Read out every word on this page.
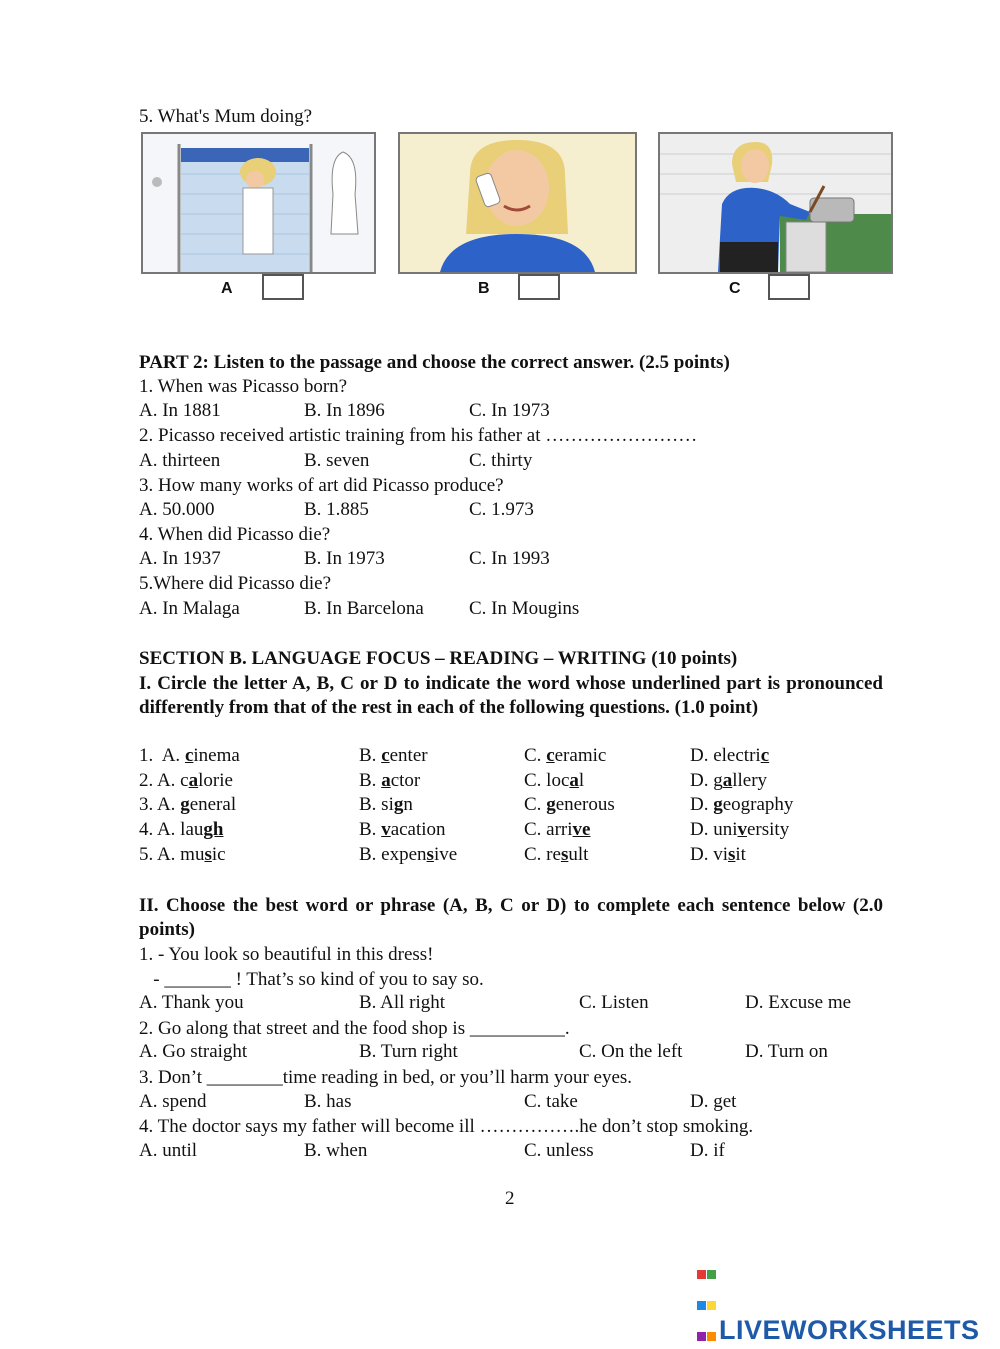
5. What's Mum doing?
A	B	C
PART 2: Listen to the passage and choose the correct answer. (2.5 points)
1. When was Picasso born?
A. In 1881	B. In 1896	C. In 1973
2. Picasso received artistic training from his father at ……………………
A. thirteen	B. seven	C. thirty
3. How many works of art did Picasso produce?
A. 50.000	B. 1.885	C. 1.973
4. When did Picasso die?
A. In 1937	B. In 1973	C. In 1993
5.Where did Picasso die?
A. In Malaga	B. In Barcelona C. In Mougins
SECTION B. LANGUAGE FOCUS – READING – WRITING (10 points)
I. Circle the letter A, B, C or D to indicate the word whose underlined part is pronounced differently from that of the rest in each of the following questions. (1.0 point)
1.  A. cinema	B. center	C. ceramic	D. electric
2. A. calorie	B. actor	C. local	D. gallery
3. A. general	B. sign	C. generous	D. geography
4. A. laugh	B. vacation	C. arrive	D. university
5. A. music	B. expensive	C. result	D. visit
II. Choose the best word or phrase (A, B, C or D) to complete each sentence below (2.0 points)
1. - You look so beautiful in this dress!
- _______ ! That’s so kind of you to say so.
A. Thank you	B. All right	C. Listen	D. Excuse me
2. Go along that street and the food shop is __________.
A. Go straight	B. Turn right	C. On the left	D. Turn on
3. Don’t ________time reading in bed, or you’ll harm your eyes.
A. spend	B. has	C. take	D. get
4. The doctor says my father will become ill …………….he don’t stop smoking.
A. until	B. when	C. unless	D. if
2

LIVEWORKSHEETS
